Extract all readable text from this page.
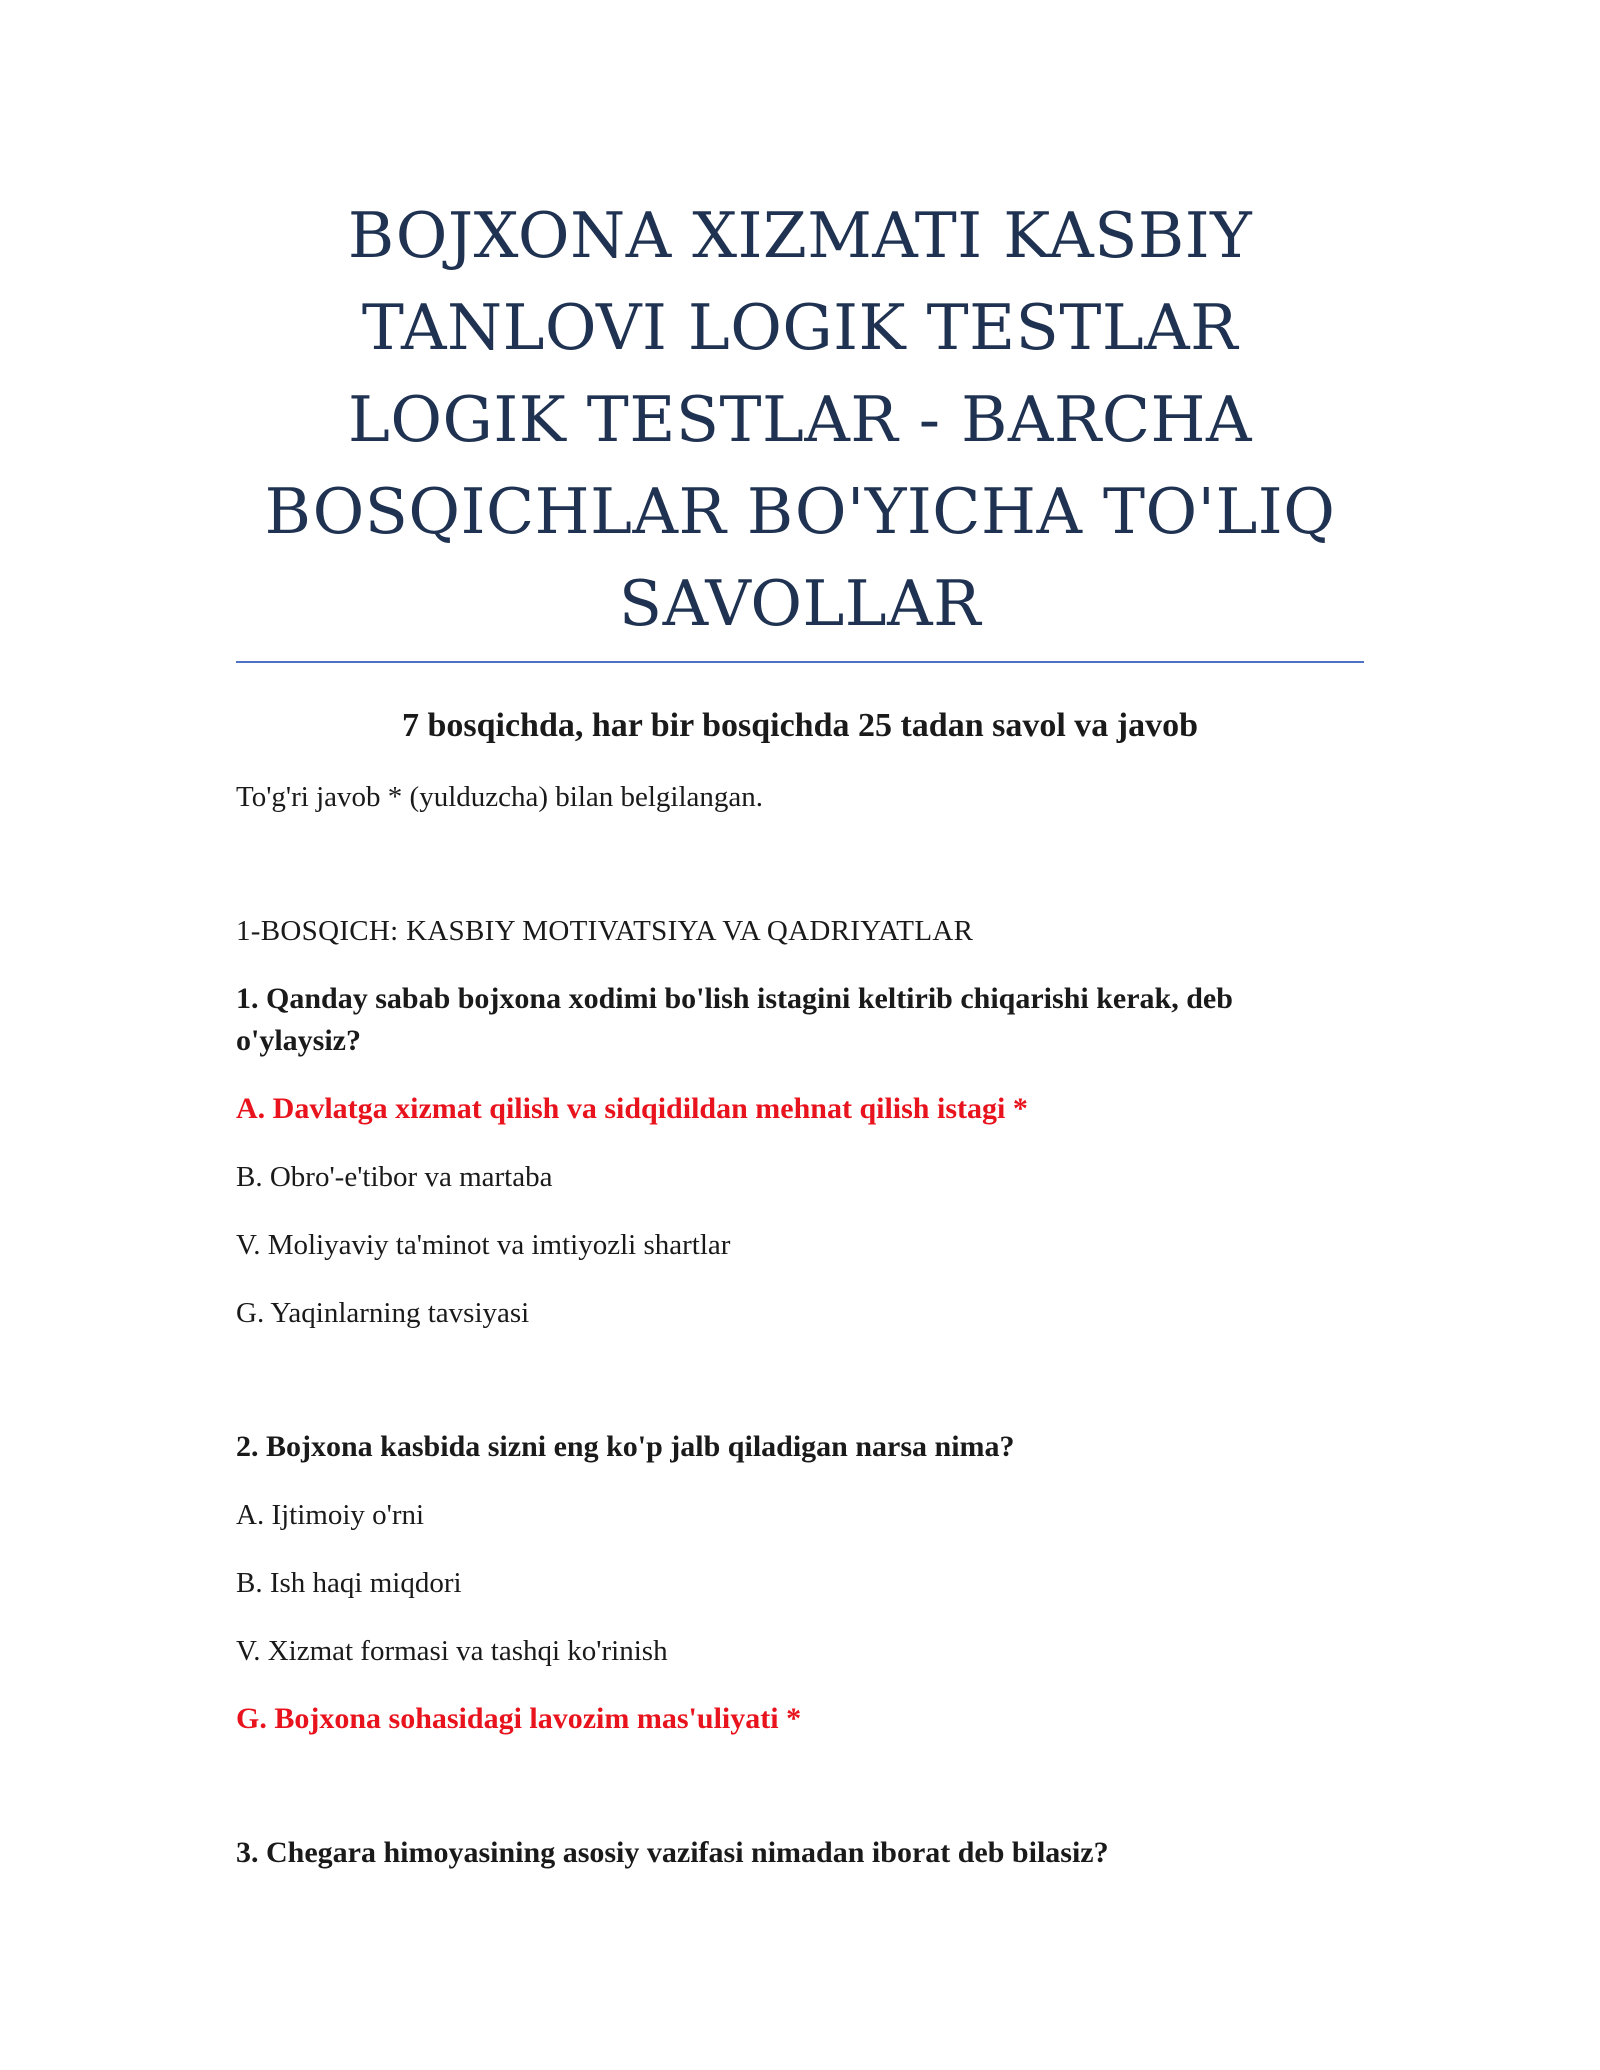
BOJXONA XIZMATI KASBIY
TANLOVI LOGIK TESTLAR
LOGIK TESTLAR - BARCHA
BOSQICHLAR BO'YICHA TO'LIQ
SAVOLLAR

7 bosqichda, har bir bosqichda 25 tadan savol va javob

To'g'ri javob * (yulduzcha) bilan belgilangan.

1-BOSQICH: KASBIY MOTIVATSIYA VA QADRIYATLAR

1. Qanday sabab bojxona xodimi bo'lish istagini keltirib chiqarishi kerak, deb
o'ylaysiz?

A. Davlatga xizmat qilish va sidqidildan mehnat qilish istagi *

B. Obro'-e'tibor va martaba

V. Moliyaviy ta'minot va imtiyozli shartlar

G. Yaqinlarning tavsiyasi

2. Bojxona kasbida sizni eng ko'p jalb qiladigan narsa nima?

A. Ijtimoiy o'rni

B. Ish haqi miqdori

V. Xizmat formasi va tashqi ko'rinish

G. Bojxona sohasidagi lavozim mas'uliyati *

3. Chegara himoyasining asosiy vazifasi nimadan iborat deb bilasiz?
